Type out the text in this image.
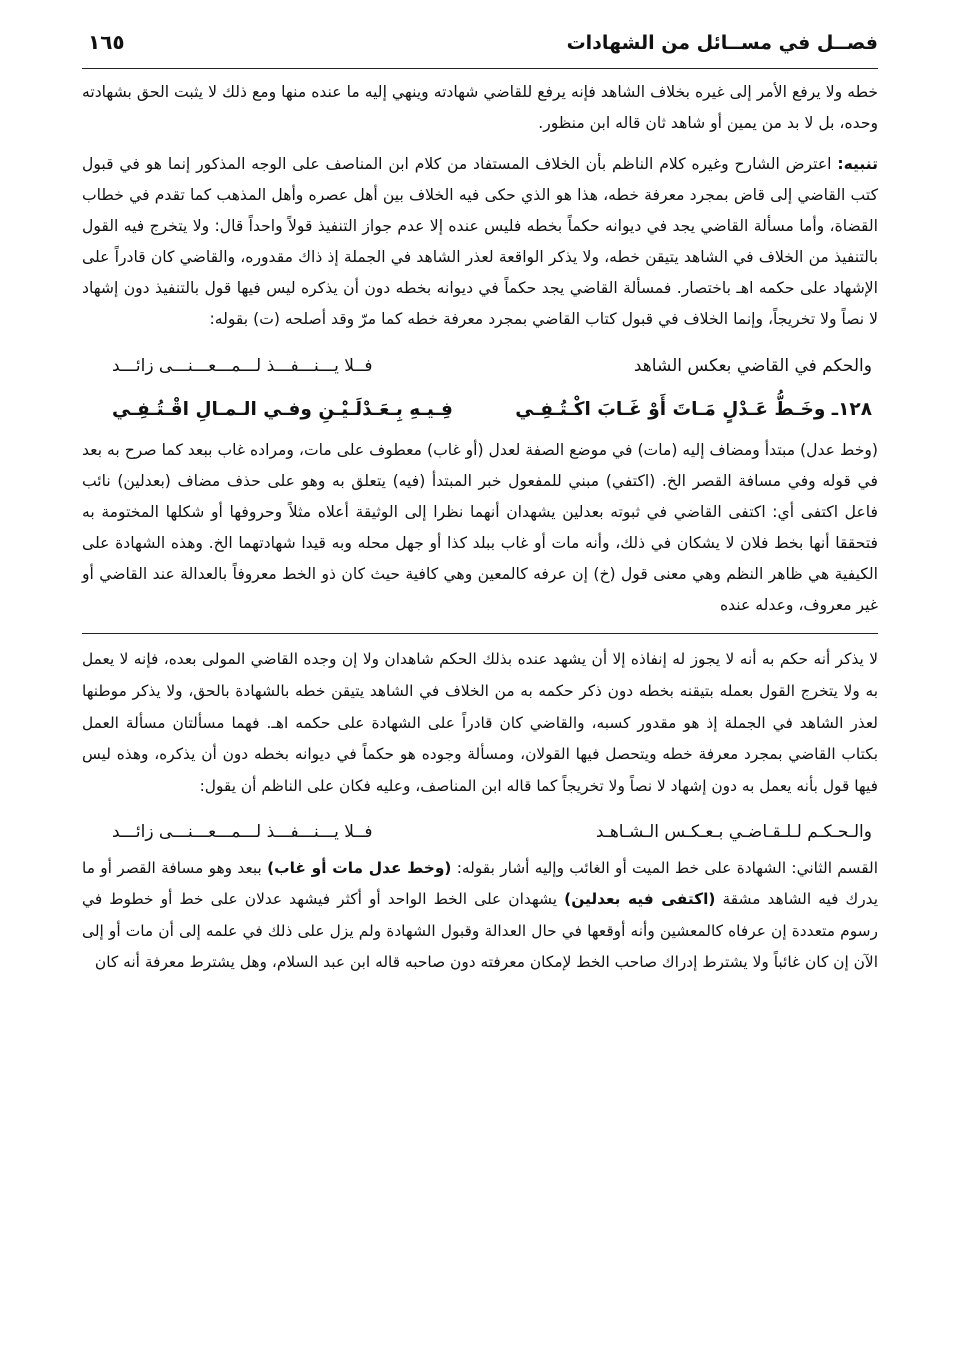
فصــل في مســائل من الشهادات
١٦٥

خطه ولا يرفع الأمر إلى غيره بخلاف الشاهد فإنه يرفع للقاضي شهادته وينهي إليه ما عنده منها ومع ذلك لا يثبت الحق بشهادته وحده، بل لا بد من يمين أو شاهد ثان قاله ابن منظور.

تنبيه: اعترض الشارح وغيره كلام الناظم بأن الخلاف المستفاد من كلام ابن المناصف على الوجه المذكور إنما هو في قبول كتب القاضي إلى قاض بمجرد معرفة خطه، هذا هو الذي حكى فيه الخلاف بين أهل عصره وأهل المذهب كما تقدم في خطاب القضاة، وأما مسألة القاضي يجد في ديوانه حكماً بخطه فليس عنده إلا عدم جواز التنفيذ قولاً واحداً قال: ولا يتخرج فيه القول بالتنفيذ من الخلاف في الشاهد يتيقن خطه، ولا يذكر الواقعة لعذر الشاهد في الجملة إذ ذاك مقدوره، والقاضي كان قادراً على الإشهاد على حكمه اهـ باختصار. فمسألة القاضي يجد حكماً في ديوانه بخطه دون أن يذكره ليس فيها قول بالتنفيذ دون إشهاد لا نصاً ولا تخريجاً، وإنما الخلاف في قبول كتاب القاضي بمجرد معرفة خطه كما مرّ وقد أصلحه (ت) بقوله:

والحكم في القاضي بعكس الشاهد
فــلا يـــنـــفـــذ لـــمـــعـــنـــى زائـــد
١٢٨ـ وخَـطُّ عَـدْلٍ مَـاتَ أَوْ غَـابَ اكْـتُـفِـي
فِـيـهِ بِـعَـدْلَـيْـنِ وفـي الـمـالِ اقْـتُـفِـي

(وخط عدل) مبتدأ ومضاف إليه (مات) في موضع الصفة لعدل (أو غاب) معطوف على مات، ومراده غاب ببعد كما صرح به بعد في قوله وفي مسافة القصر الخ. (اكتفي) مبني للمفعول خبر المبتدأ (فيه) يتعلق به وهو على حذف مضاف (بعدلين) نائب فاعل اكتفى أي: اكتفى القاضي في ثبوته بعدلين يشهدان أنهما نظرا إلى الوثيقة أعلاه مثلاً وحروفها أو شكلها المختومة به فتحققا أنها بخط فلان لا يشكان في ذلك، وأنه مات أو غاب ببلد كذا أو جهل محله وبه قيدا شهادتهما الخ. وهذه الشهادة على الكيفية هي ظاهر النظم وهي معنى قول (خ) إن عرفه كالمعين وهي كافية حيث كان ذو الخط معروفاً بالعدالة عند القاضي أو غير معروف، وعدله عنده

لا يذكر أنه حكم به أنه لا يجوز له إنفاذه إلا أن يشهد عنده بذلك الحكم شاهدان ولا إن وجده القاضي المولى بعده، فإنه لا يعمل به ولا يتخرج القول بعمله بتيقنه بخطه دون ذكر حكمه به من الخلاف في الشاهد يتيقن خطه بالشهادة بالحق، ولا يذكر موطنها لعذر الشاهد في الجملة إذ هو مقدور كسبه، والقاضي كان قادراً على الشهادة على حكمه اهـ. فهما مسألتان مسألة العمل بكتاب القاضي بمجرد معرفة خطه ويتحصل فيها القولان، ومسألة وجوده هو حكماً في ديوانه بخطه دون أن يذكره، وهذه ليس فيها قول بأنه يعمل به دون إشهاد لا نصاً ولا تخريجاً كما قاله ابن المناصف، وعليه فكان على الناظم أن يقول:

والـحـكـم لـلـقـاضـي بـعـكـس الـشـاهـد
فــلا يـــنـــفـــذ لـــمـــعـــنـــى زائـــد

القسم الثاني: الشهادة على خط الميت أو الغائب وإليه أشار بقوله: (وخط عدل مات أو غاب) ببعد وهو مسافة القصر أو ما يدرك فيه الشاهد مشقة (اكتفى فيه بعدلين) يشهدان على الخط الواحد أو أكثر فيشهد عدلان على خط أو خطوط في رسوم متعددة إن عرفاه كالمعشين وأنه أوقعها في حال العدالة وقبول الشهادة ولم يزل على ذلك في علمه إلى أن مات أو إلى الآن إن كان غائباً ولا يشترط إدراك صاحب الخط لإمكان معرفته دون صاحبه قاله ابن عبد السلام، وهل يشترط معرفة أنه كان
